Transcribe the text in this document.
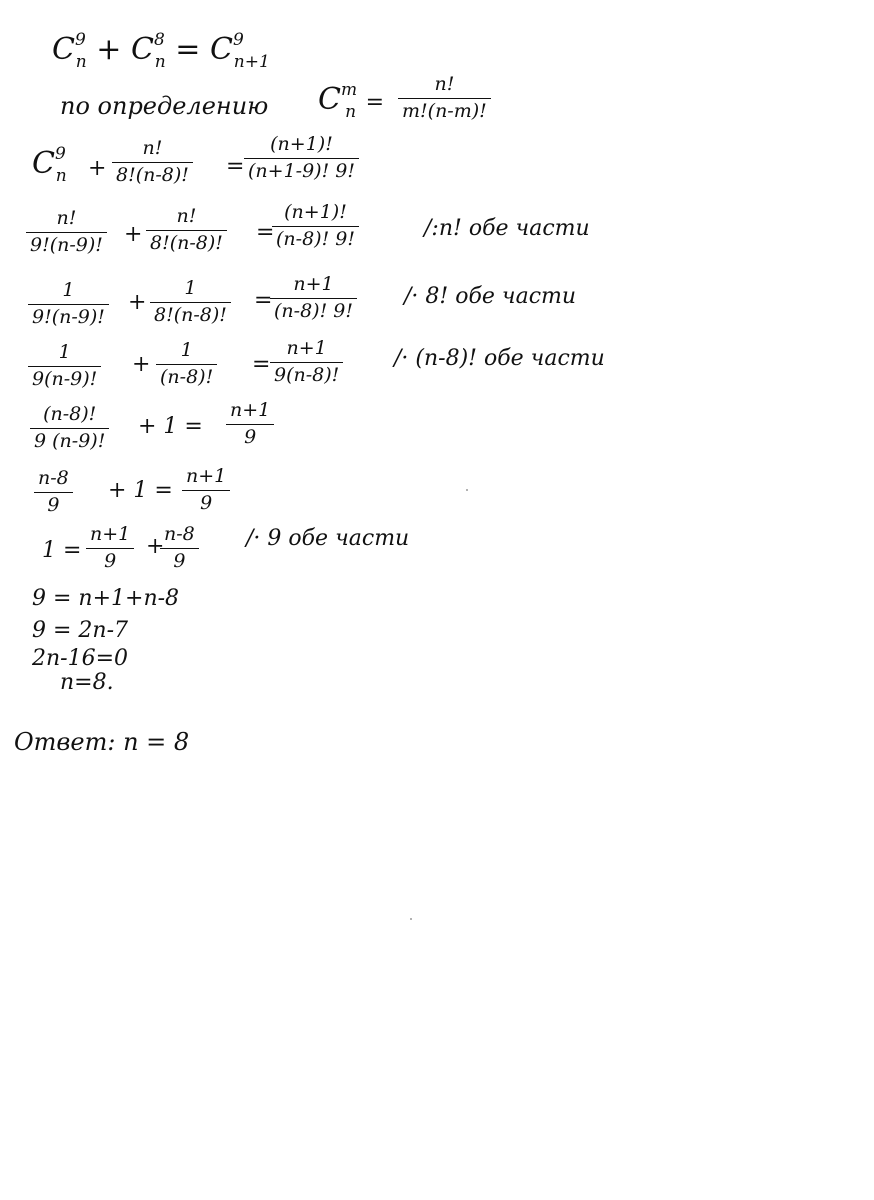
$C^9_n + C^8_n = C^9_{n+1}$
по определению $C^m_n$ =
n!
m!(n-m)!
$C^9_n$ +
n!
8!(n-8)! =
(n+1)!
(n+1-9)! 9!
n!
9!(n-9)! +
n!
8!(n-8)! =
(n+1)!
(n-8)! 9!	/:n! обе части
1
9!(n-9)!
+
1
8!(n-8)!
=
n+1
(n-8)! 9!
/· 8! обе части
1
9(n-9)!
+
1
(n-8)! =
n+1
9(n-8)!
/· (n-8)! обе части
(n-8)!
9 (n-9)!
+ 1 =
n+1
9
n-8
9
+ 1 =
n+1
9
1 =
n+1
9
+ n-8
9
/· 9 обе части
9 = n+1+n-8
9 = 2n-7
2n-16=0
n=8.
Ответ: n = 8
